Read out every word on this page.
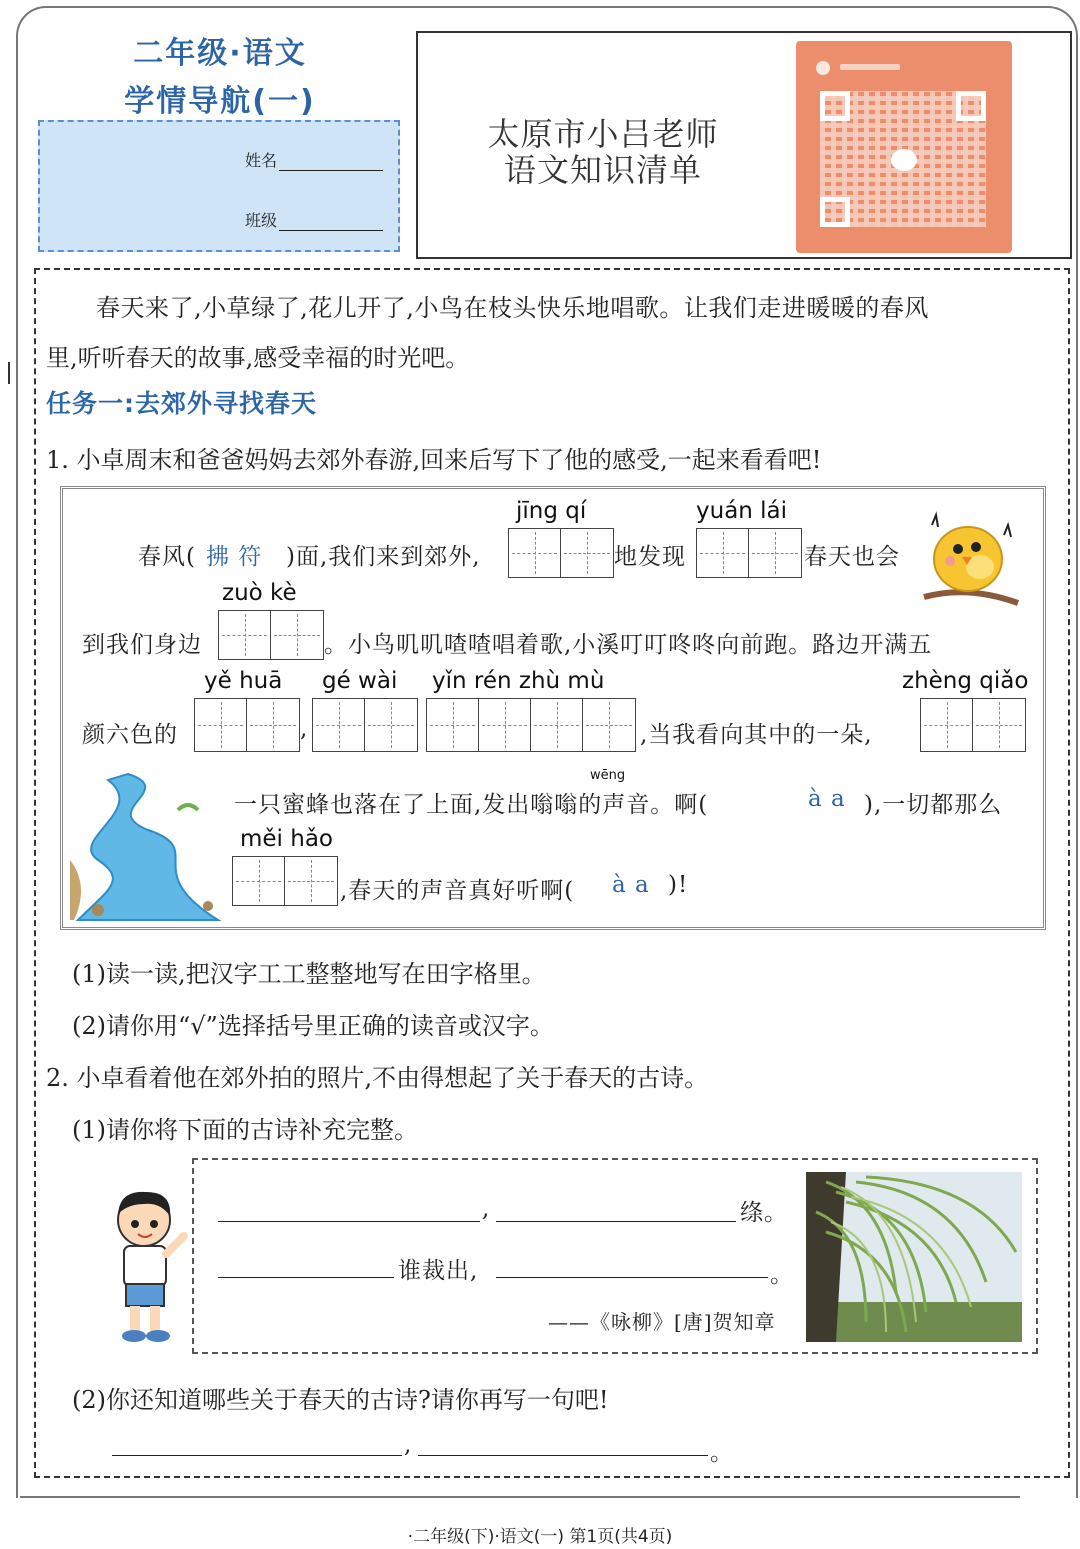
二年级·语文
学情导航(一)
姓名
班级
太原市小吕老师
语文知识清单
春天来了,小草绿了,花儿开了,小鸟在枝头快乐地唱歌。让我们走进暖暖的春风
里,听听春天的故事,感受幸福的时光吧。
任务一:去郊外寻找春天
1. 小卓周末和爸爸妈妈去郊外春游,回来后写下了他的感受,一起来看看吧!
jīng qí	yuán lái
春风( 拂 符 )面,我们来到郊外,	地发现	春天也会
zuò kè
到我们身边	。小鸟叽叽喳喳唱着歌,小溪叮叮咚咚向前跑。路边开满五
yě huā gé wài yǐn rén zhù mù	zhèng qiǎo
颜六色的	,	,当我看向其中的一朵,
wēng
一只蜜蜂也落在了上面,发出嗡嗡的声音。啊(	à a ),一切都那么
měi hǎo
,春天的声音真好听啊( à a )!
(1)读一读,把汉字工工整整地写在田字格里。
(2)请你用“√”选择括号里正确的读音或汉字。
2. 小卓看着他在郊外拍的照片,不由得想起了关于春天的古诗。
(1)请你将下面的古诗补充完整。
,	绦。
谁裁出,	。
——《咏柳》[唐]贺知章
(2)你还知道哪些关于春天的古诗?请你再写一句吧!
,	。
·二年级(下)·语文(一) 第1页(共4页)
